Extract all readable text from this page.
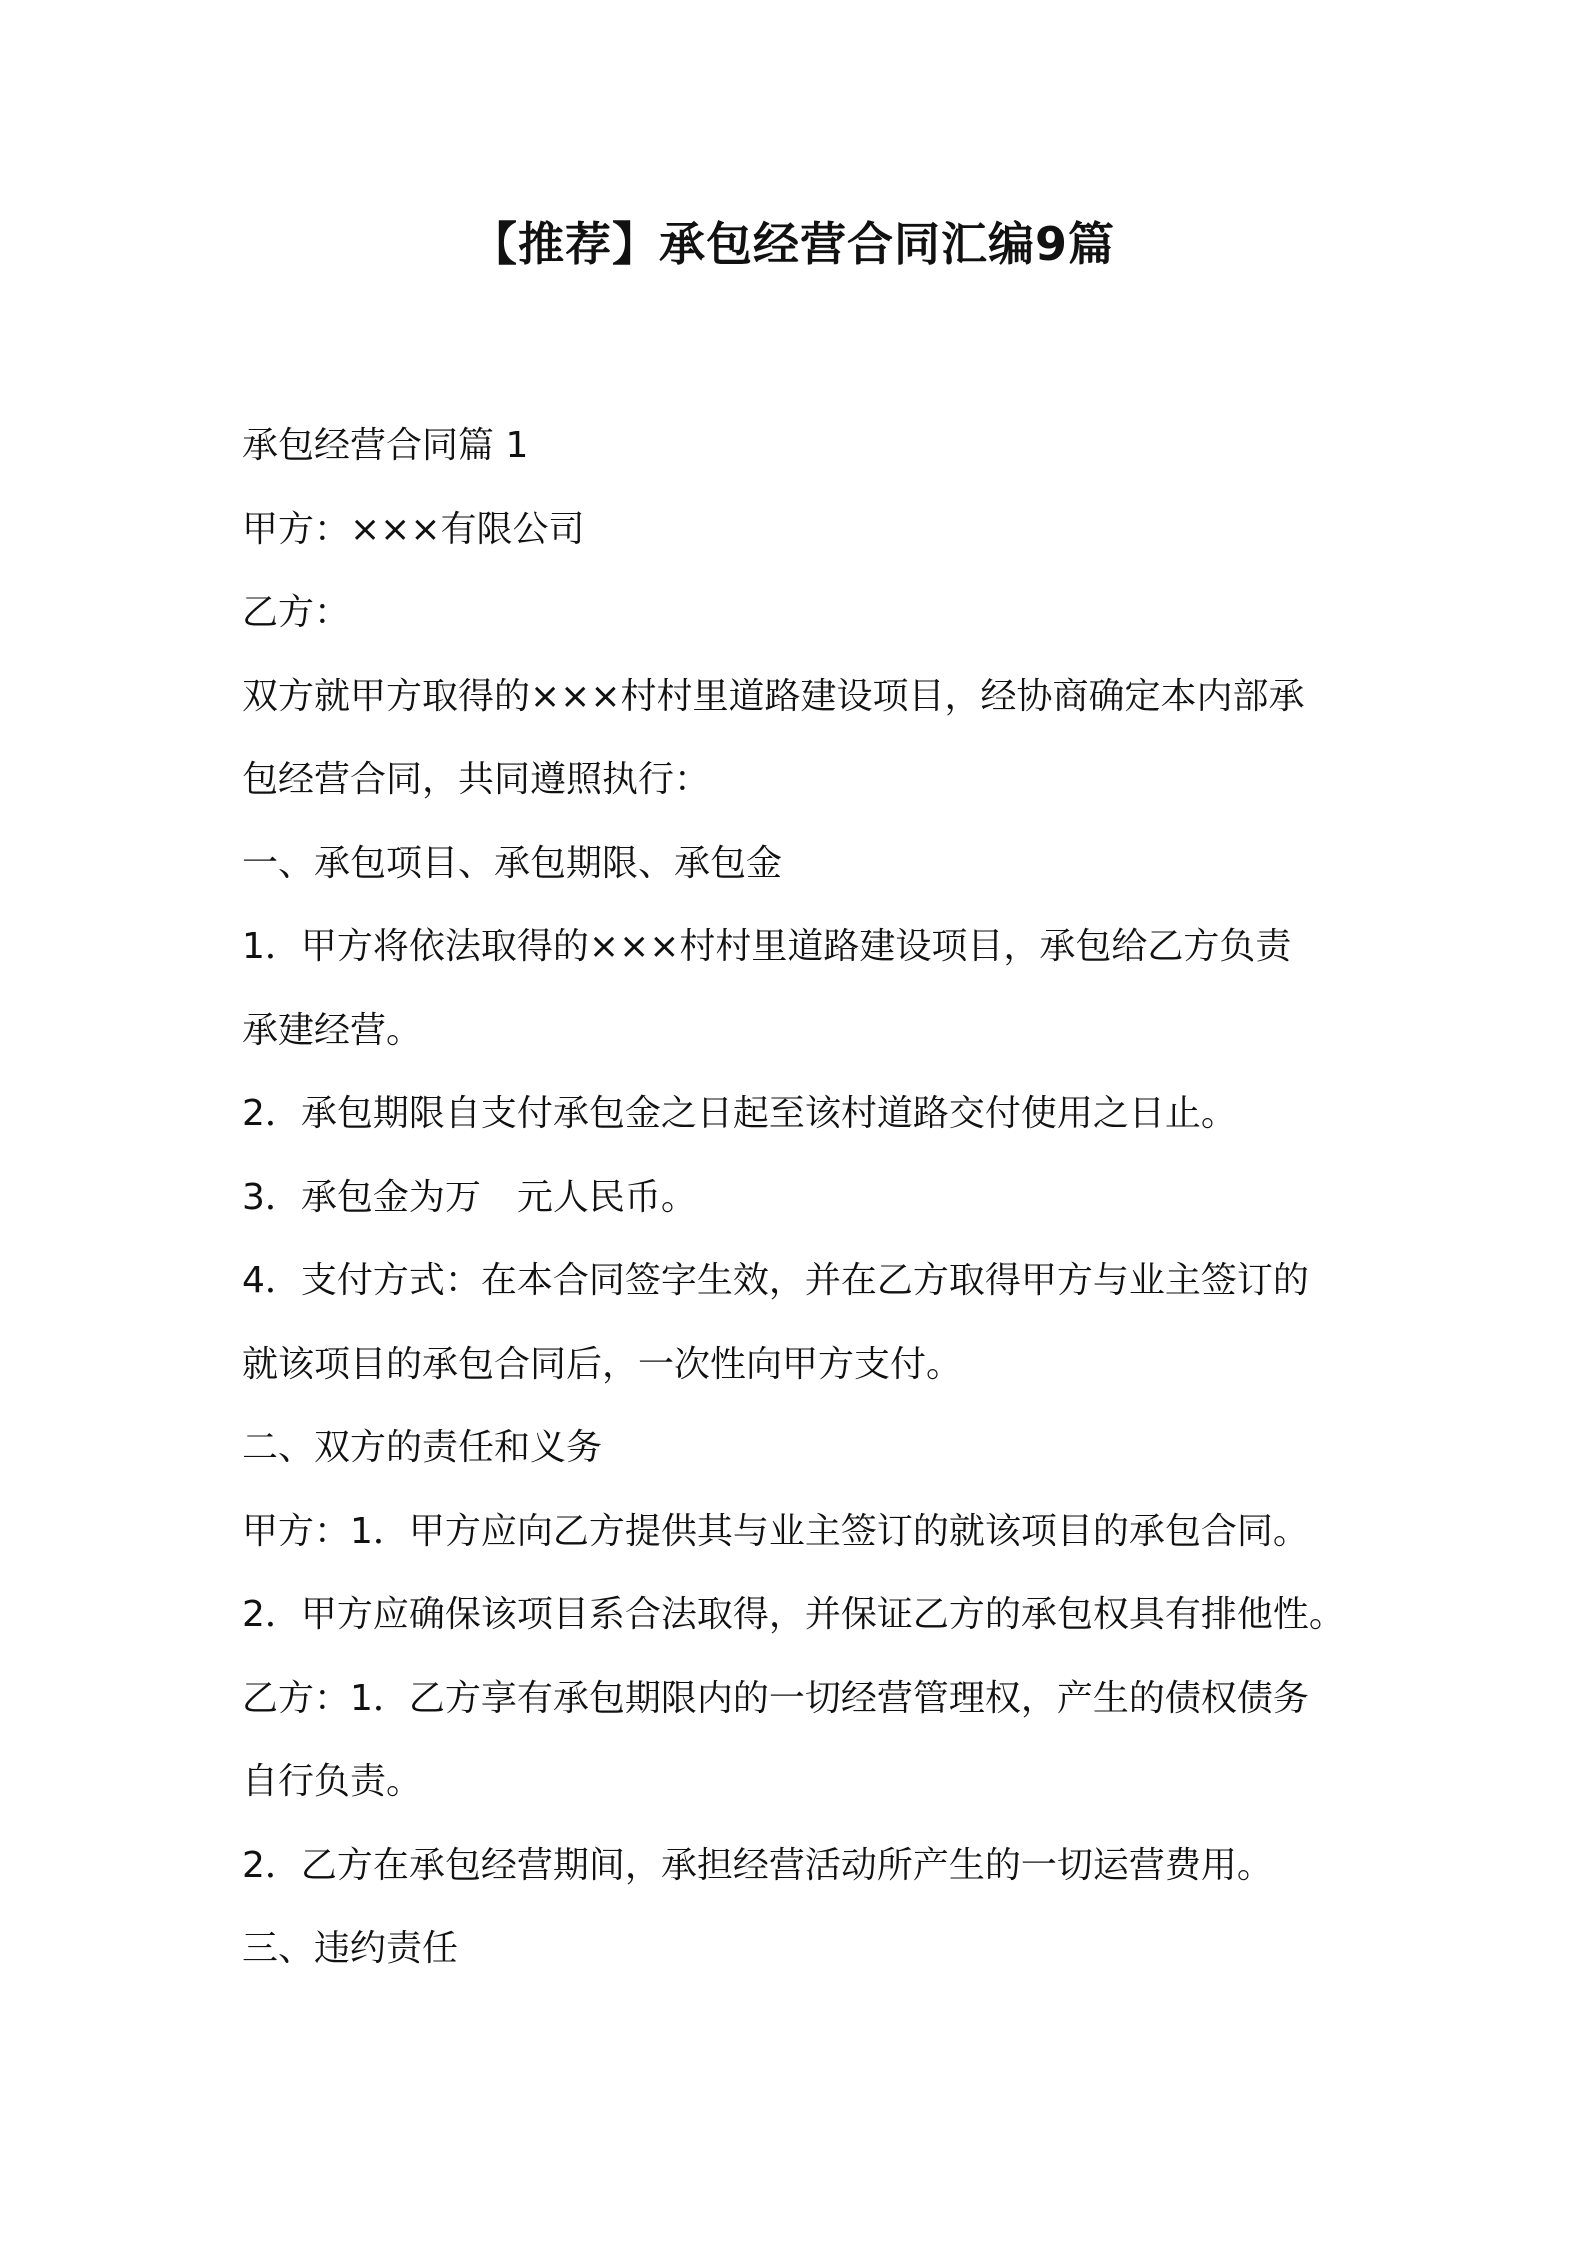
【推荐】承包经营合同汇编9篇
承包经营合同篇 1
甲方：×××有限公司
乙方：
双方就甲方取得的×××村村里道路建设项目，经协商确定本内部承
包经营合同，共同遵照执行：
一、承包项目、承包期限、承包金
1．甲方将依法取得的×××村村里道路建设项目，承包给乙方负责
承建经营。
2．承包期限自支付承包金之日起至该村道路交付使用之日止。
3．承包金为万　元人民币。
4．支付方式：在本合同签字生效，并在乙方取得甲方与业主签订的
就该项目的承包合同后，一次性向甲方支付。
二、双方的责任和义务
甲方：1．甲方应向乙方提供其与业主签订的就该项目的承包合同。
2．甲方应确保该项目系合法取得，并保证乙方的承包权具有排他性。
乙方：1．乙方享有承包期限内的一切经营管理权，产生的债权债务
自行负责。
2．乙方在承包经营期间，承担经营活动所产生的一切运营费用。
三、违约责任
